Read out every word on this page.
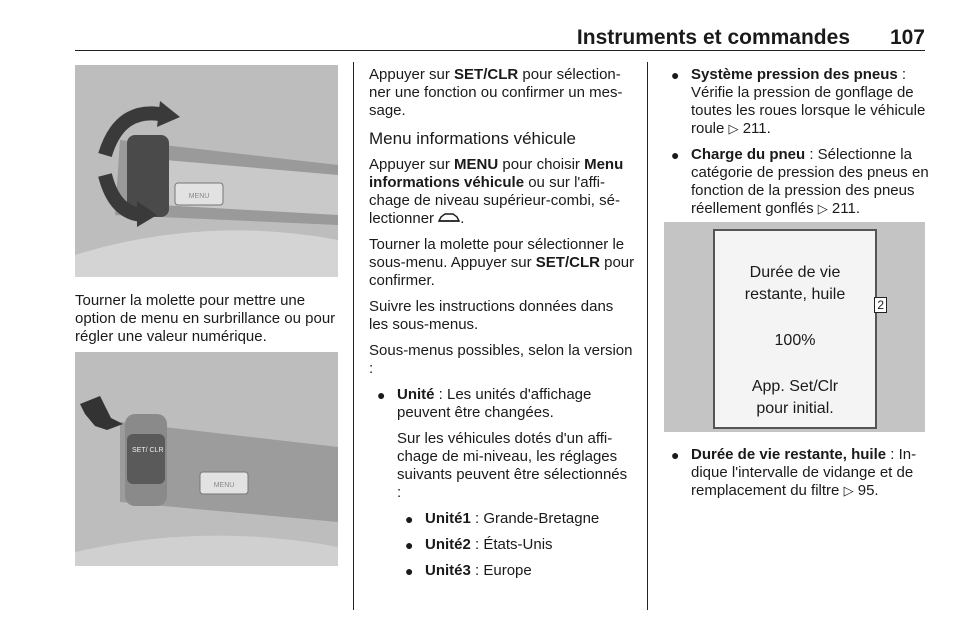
Instruments et commandes 107
MENU

Tourner la molette pour mettre une option de menu en surbrillance ou pour régler une valeur numérique.

SET/ CLR
MENU

Appuyer sur SET/CLR pour sélectionner une fonction ou confirmer un message.

Menu informations véhicule

Appuyer sur MENU pour choisir Menu informations véhicule ou sur l'affichage de niveau supérieur-combi, sélectionner .

Tourner la molette pour sélectionner le sous-menu. Appuyer sur SET/CLR pour confirmer.

Suivre les instructions données dans les sous-menus.

Sous-menus possibles, selon la version :

● Unité : Les unités d'affichage peuvent être changées.

Sur les véhicules dotés d'un affichage de mi-niveau, les réglages suivants peuvent être sélectionnés :

● Unité1 : Grande-Bretagne
● Unité2 : États-Unis
● Unité3 : Europe
● Système pression des pneus : Vérifie la pression de gonflage de toutes les roues lorsque le véhicule roule ▷ 211.
● Charge du pneu : Sélectionne la catégorie de pression des pneus en fonction de la pression des pneus réellement gonflés ▷ 211.
Durée de vie
restante, huile
2
100%
App. Set/Clr
pour initial.
● Durée de vie restante, huile : Indique l'intervalle de vidange et de remplacement du filtre ▷ 95.
